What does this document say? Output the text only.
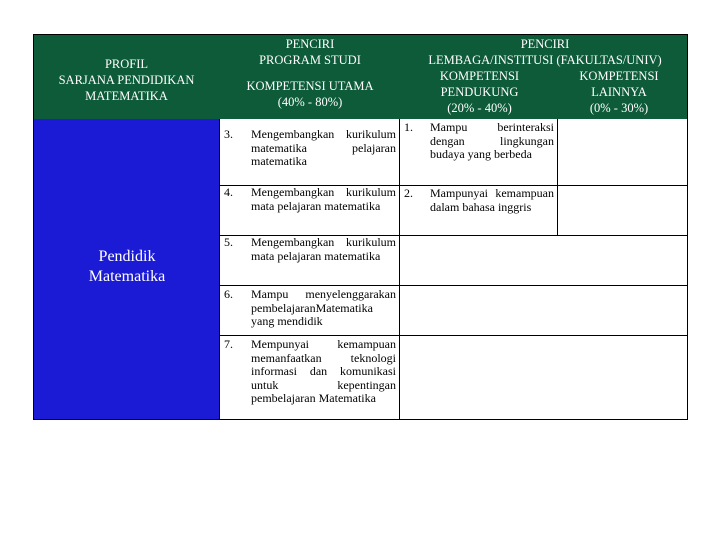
PROFIL
SARJANA PENDIDIKAN
MATEMATIKA
PENCIRI
PROGRAM STUDI
KOMPETENSI UTAMA
(40% - 80%)
PENCIRI
LEMBAGA/INSTITUSI (FAKULTAS/UNIV)
KOMPETENSI
PENDUKUNG
(20% - 40%)
KOMPETENSI
LAINNYA
(0% - 30%)
Pendidik
Matematika
3. Mengembangkan kurikulum matematika pelajaran matematika
4. Mengembangkan kurikulum mata pelajaran matematika
5. Mengembangkan kurikulum mata pelajaran matematika
6. Mampu menyelenggarakan pembelajaranMatematika yang mendidik
7. Mempunyai kemampuan memanfaatkan teknologi informasi dan komunikasi untuk kepentingan pembelajaran Matematika
1. Mampu berinteraksi dengan lingkungan budaya yang berbeda
2. Mampunyai kemampuan dalam bahasa inggris
